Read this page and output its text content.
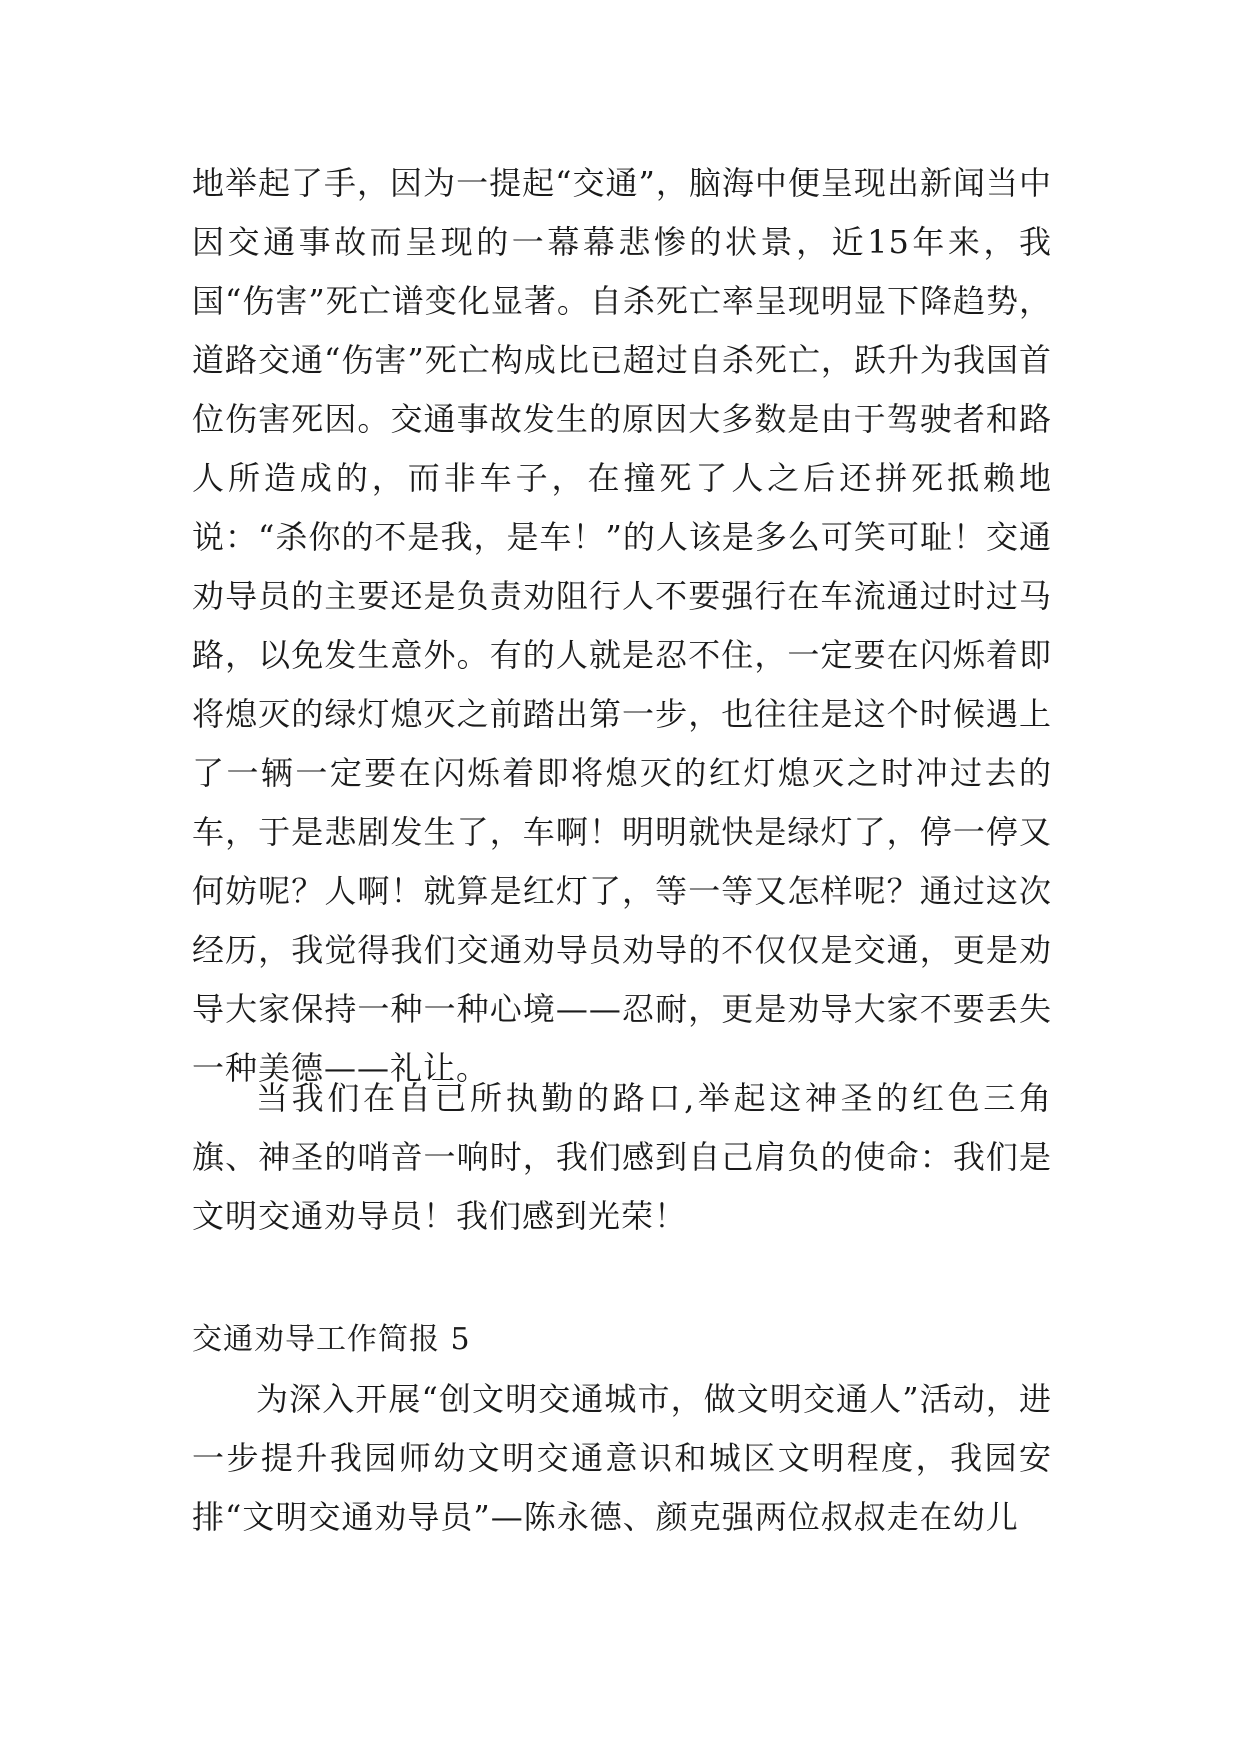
地举起了手，因为一提起“交通”，脑海中便呈现出新闻当中因交通事故而呈现的一幕幕悲惨的状景，近15年来，我国“伤害”死亡谱变化显著。自杀死亡率呈现明显下降趋势，道路交通“伤害”死亡构成比已超过自杀死亡，跃升为我国首位伤害死因。交通事故发生的原因大多数是由于驾驶者和路人所造成的，而非车子，在撞死了人之后还拼死抵赖地说：“杀你的不是我，是车！”的人该是多么可笑可耻！交通劝导员的主要还是负责劝阻行人不要强行在车流通过时过马路，以免发生意外。有的人就是忍不住，一定要在闪烁着即将熄灭的绿灯熄灭之前踏出第一步，也往往是这个时候遇上了一辆一定要在闪烁着即将熄灭的红灯熄灭之时冲过去的车，于是悲剧发生了，车啊！明明就快是绿灯了，停一停又何妨呢？人啊！就算是红灯了，等一等又怎样呢？通过这次经历，我觉得我们交通劝导员劝导的不仅仅是交通，更是劝导大家保持一种一种心境——忍耐，更是劝导大家不要丢失一种美德——礼让。

当我们在自已所执勤的路口,举起这神圣的红色三角旗、神圣的哨音一响时，我们感到自己肩负的使命：我们是文明交通劝导员！我们感到光荣！

交通劝导工作简报 5

为深入开展“创文明交通城市，做文明交通人”活动，进一步提升我园师幼文明交通意识和城区文明程度，我园安排“文明交通劝导员”—陈永德、颜克强两位叔叔走在幼儿
